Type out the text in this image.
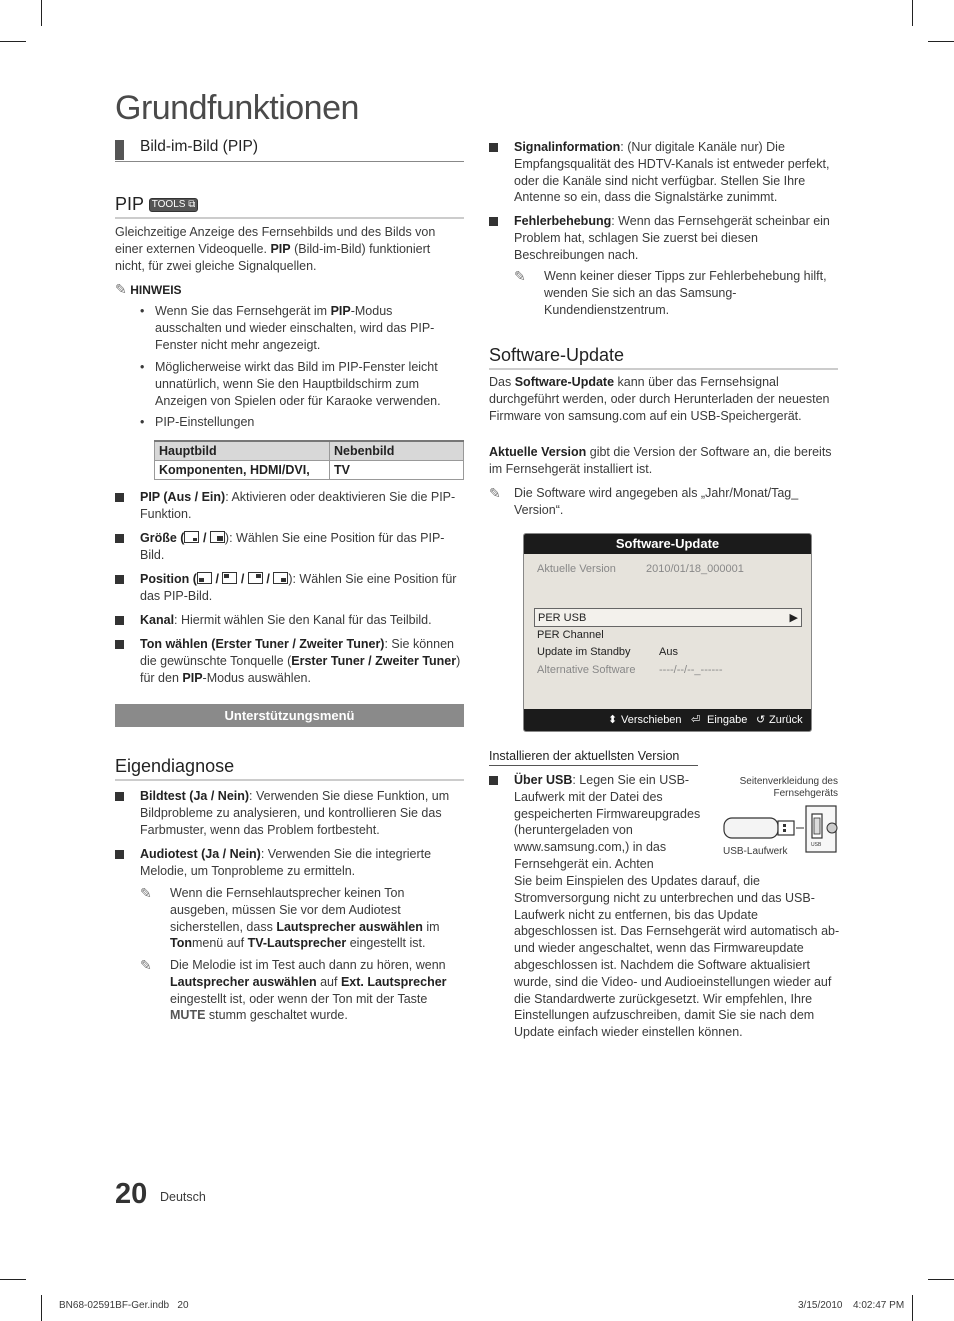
Grundfunktionen
Bild-im-Bild (PIP)
PIP TOOLS ⧉
Gleichzeitige Anzeige des Fernsehbilds und des Bilds von einer externen Videoquelle. PIP (Bild-im-Bild) funktioniert nicht, für zwei gleiche Signalquellen.
✎ HINWEIS
• Wenn Sie das Fernsehgerät im PIP-Modus ausschalten und wieder einschalten, wird das PIP-Fenster nicht mehr angezeigt.
• Möglicherweise wirkt das Bild im PIP-Fenster leicht unnatürlich, wenn Sie den Hauptbildschirm zum Anzeigen von Spielen oder für Karaoke verwenden.
• PIP-Einstellungen
Hauptbild	Nebenbild
Komponenten, HDMI/DVI,	TV
PIP (Aus / Ein): Aktivieren oder deaktivieren Sie die PIP-Funktion.
Größe ( / ): Wählen Sie eine Position für das PIP-Bild.
Position ( / / / ): Wählen Sie eine Position für das PIP-Bild.
Kanal: Hiermit wählen Sie den Kanal für das Teilbild.
Ton wählen (Erster Tuner / Zweiter Tuner): Sie können die gewünschte Tonquelle (Erster Tuner / Zweiter Tuner) für den PIP-Modus auswählen.
Unterstützungsmenü
Eigendiagnose
Bildtest (Ja / Nein): Verwenden Sie diese Funktion, um Bildprobleme zu analysieren, und kontrollieren Sie das Farbmuster, wenn das Problem fortbesteht.
Audiotest (Ja / Nein): Verwenden Sie die integrierte Melodie, um Tonprobleme zu ermitteln.
✎ Wenn die Fernsehlautsprecher keinen Ton ausgeben, müssen Sie vor dem Audiotest sicherstellen, dass Lautsprecher auswählen im Tonmenü auf TV-Lautsprecher eingestellt ist.
✎ Die Melodie ist im Test auch dann zu hören, wenn Lautsprecher auswählen auf Ext. Lautsprecher eingestellt ist, oder wenn der Ton mit der Taste MUTE stumm geschaltet wurde.
Signalinformation: (Nur digitale Kanäle nur) Die Empfangsqualität des HDTV-Kanals ist entweder perfekt, oder die Kanäle sind nicht verfügbar. Stellen Sie Ihre Antenne so ein, dass die Signalstärke zunimmt.
Fehlerbehebung: Wenn das Fernsehgerät scheinbar ein Problem hat, schlagen Sie zuerst bei diesen Beschreibungen nach.
✎ Wenn keiner dieser Tipps zur Fehlerbehebung hilft, wenden Sie sich an das Samsung-Kundendienstzentrum.
Software-Update
Das Software-Update kann über das Fernsehsignal durchgeführt werden, oder durch Herunterladen der neuesten Firmware von samsung.com auf ein USB-Speichergerät.
Aktuelle Version gibt die Version der Software an, die bereits im Fernsehgerät installiert ist.
✎ Die Software wird angegeben als „Jahr/Monat/Tag_ Version“.
Software-Update
Aktuelle Version	2010/01/18_000001
PER USB	▶
PER Channel
Update im Standby	Aus
Alternative Software ----/--/--_------
⬍ Verschieben ⏎ Eingabe ↺ Zurück
Installieren der aktuellsten Version
Über USB: Legen Sie ein USB-Laufwerk mit der Datei des gespeicherten Firmwareupgrades (heruntergeladen von www.samsung.com,) in das Fernsehgerät ein. Achten
Sie beim Einspielen des Updates darauf, die Stromversorgung nicht zu unterbrechen und das USB-Laufwerk nicht zu entfernen, bis das Update abgeschlossen ist. Das Fernsehgerät wird automatisch ab- und wieder angeschaltet, wenn das Firmwareupdate abgeschlossen ist. Nachdem die Software aktualisiert wurde, sind die Video- und Audioeinstellungen wieder auf die Standardwerte zurückgesetzt. Wir empfehlen, Ihre Einstellungen aufzuschreiben, damit Sie sie nach dem Update einfach wieder einstellen können.
Seitenverkleidung des Fernsehgeräts
USB
USB-Laufwerk
20 Deutsch
BN68-02591BF-Ger.indb   20	3/15/2010 4:02:47 PM
